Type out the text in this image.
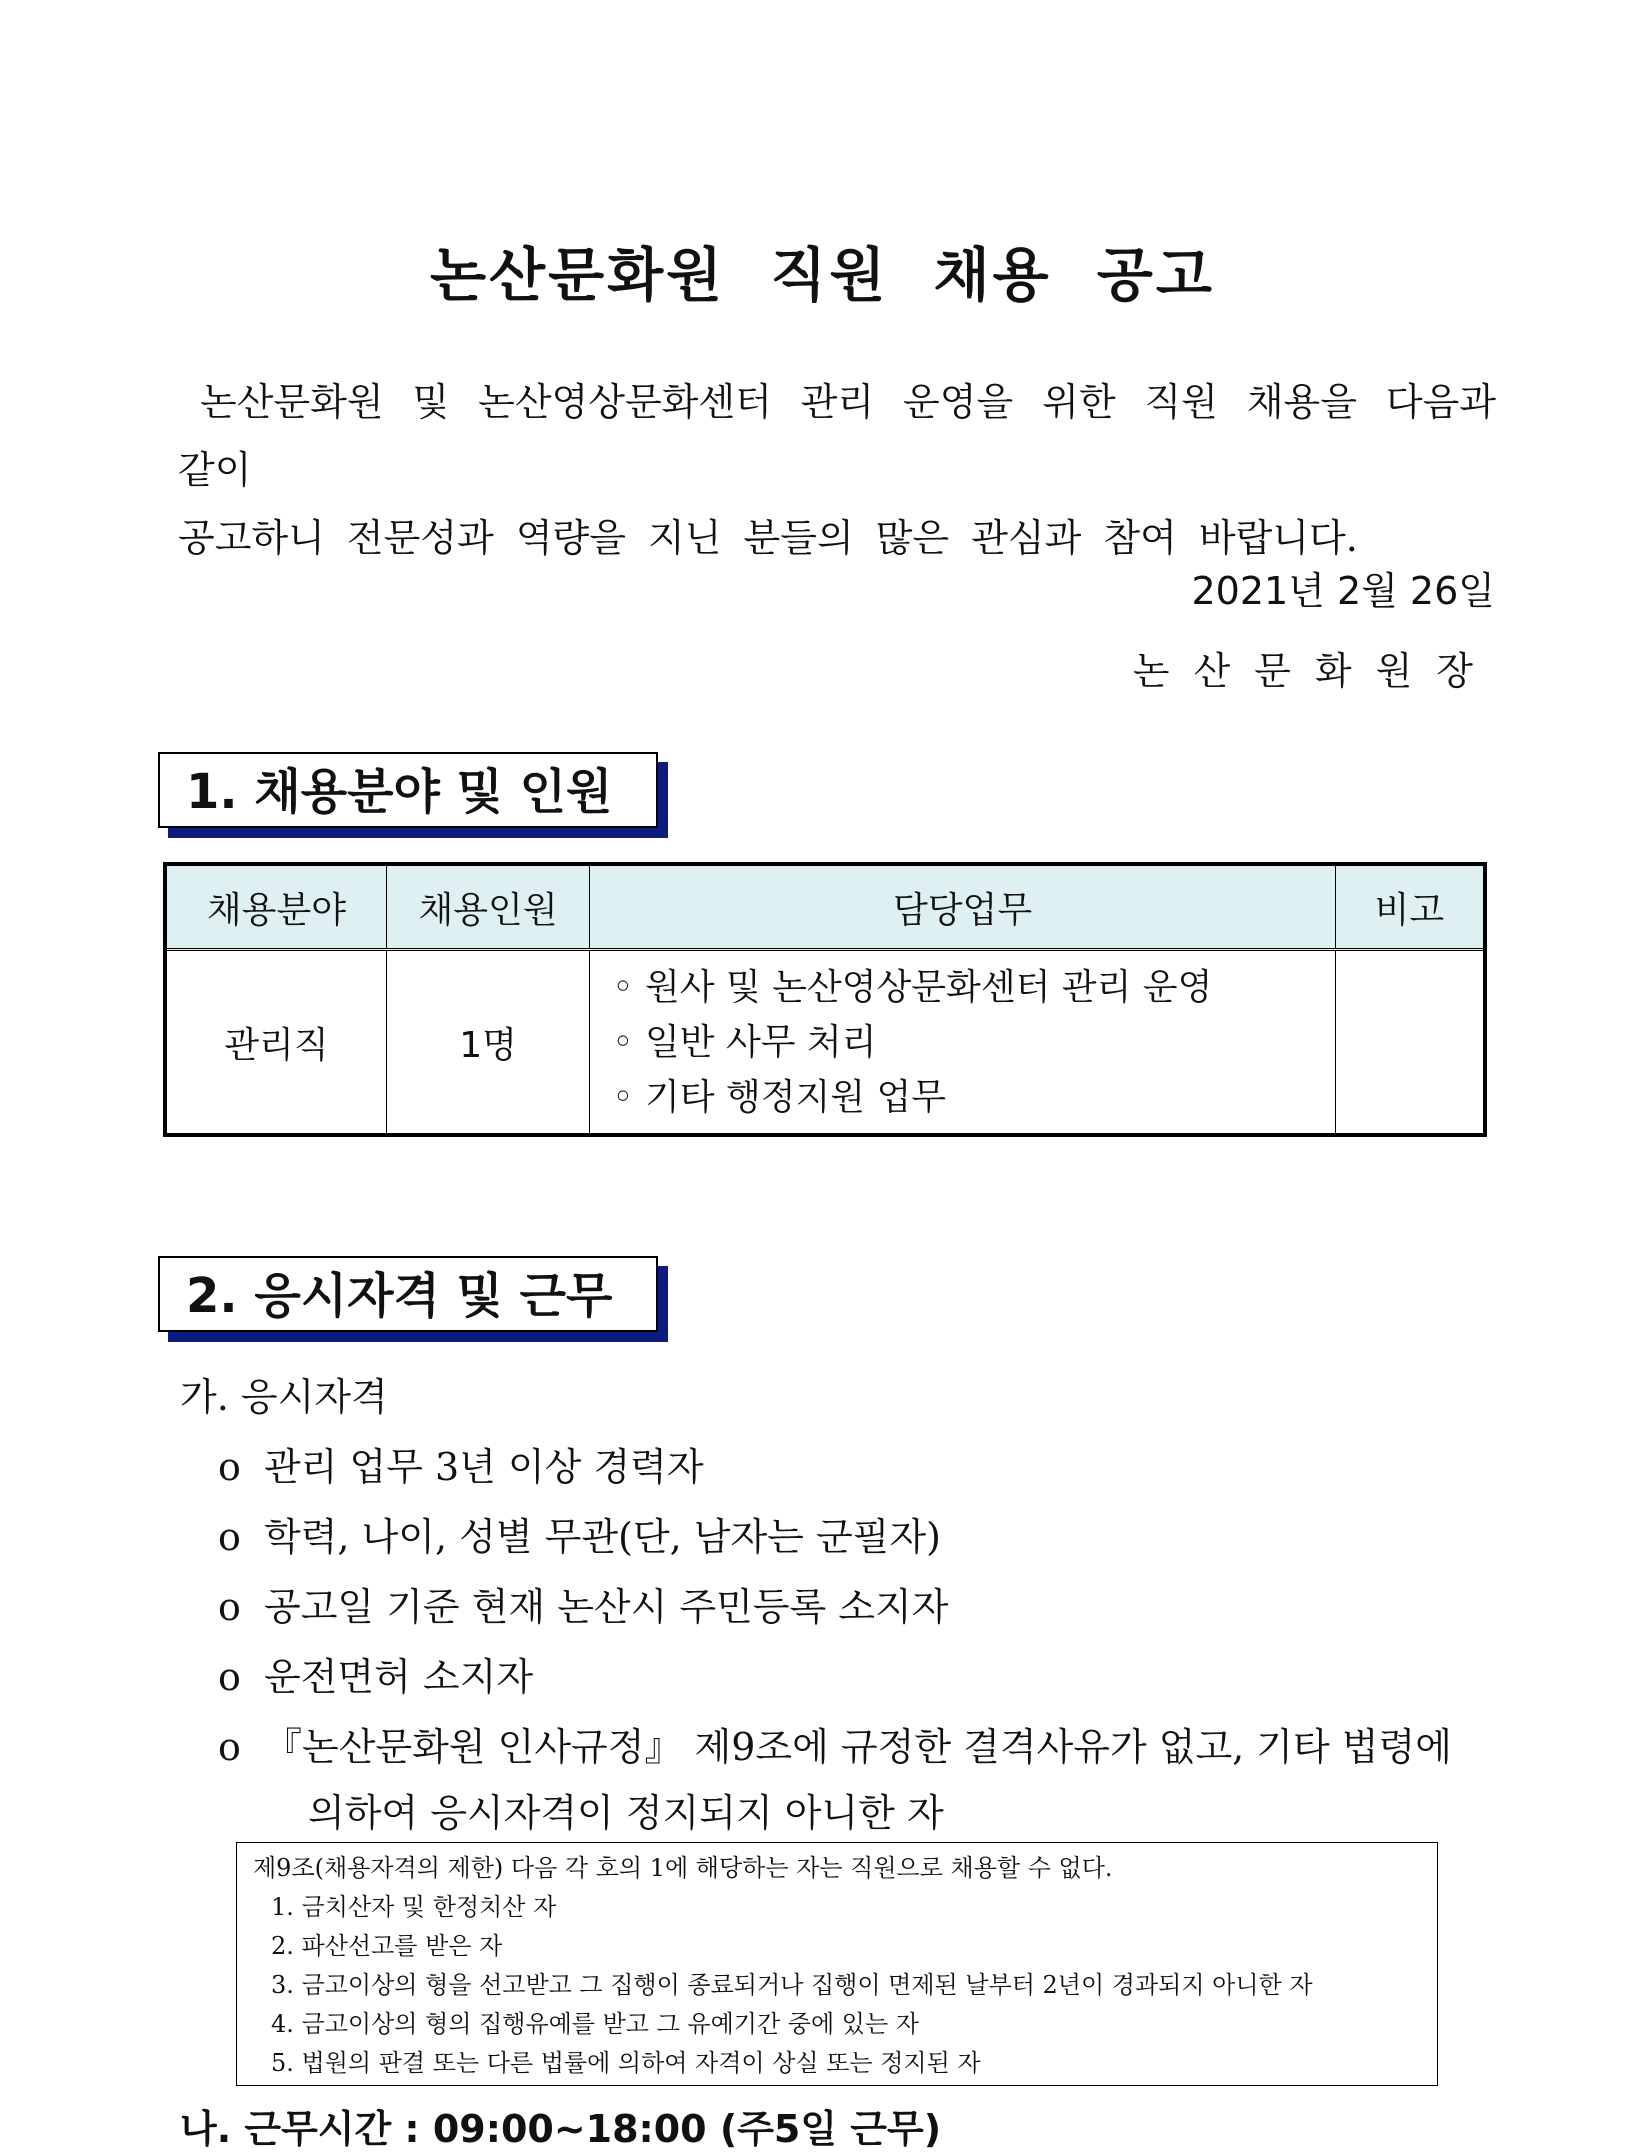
논산문화원 직원 채용 공고

논산문화원 및 논산영상문화센터 관리 운영을 위한 직원 채용을 다음과 같이

공고하니 전문성과 역량을 지닌 분들의 많은 관심과 참여 바랍니다.

2021년 2월 26일
논산문화원장
1. 채용분야 및 인원
채용분야	채용인원	담당업무	비고
관리직	1명	◦ 원사 및 논산영상문화센터 관리 운영
◦ 일반 사무 처리
◦ 기타 행정지원 업무	

2. 응시자격 및 근무
가. 응시자격
o 관리 업무 3년 이상 경력자
o 학력, 나이, 성별 무관(단, 남자는 군필자)
o 공고일 기준 현재 논산시 주민등록 소지자
o 운전면허 소지자
o 『논산문화원 인사규정』 제9조에 규정한 결격사유가 없고, 기타 법령에
의하여 응시자격이 정지되지 아니한 자
제9조(채용자격의 제한) 다음 각 호의 1에 해당하는 자는 직원으로 채용할 수 없다.
1. 금치산자 및 한정치산 자
2. 파산선고를 받은 자
3. 금고이상의 형을 선고받고 그 집행이 종료되거나 집행이 면제된 날부터 2년이 경과되지 아니한 자
4. 금고이상의 형의 집행유예를 받고 그 유예기간 중에 있는 자
5. 법원의 판결 또는 다른 법률에 의하여 자격이 상실 또는 정지된 자
나. 근무시간 : 09:00~18:00 (주5일 근무)
